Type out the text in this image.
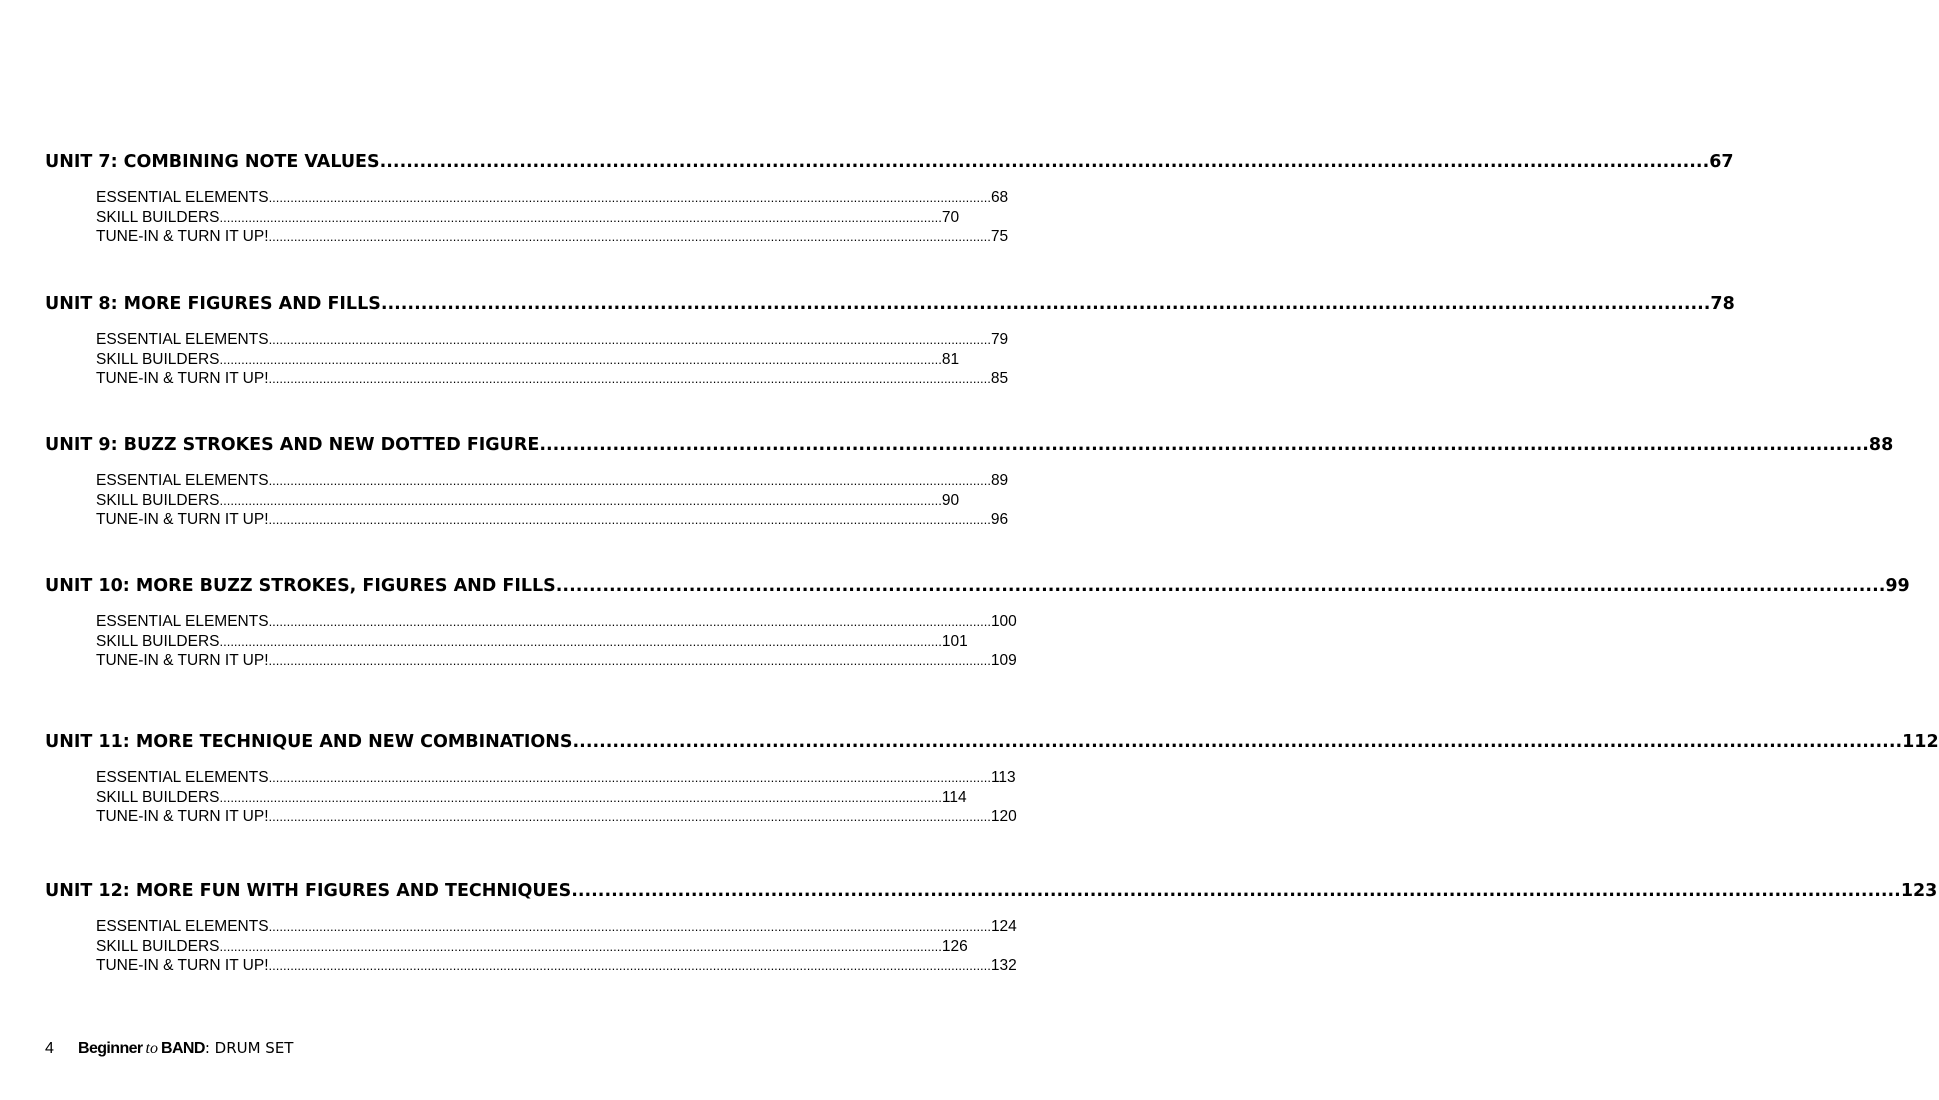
UNIT 7: COMBINING NOTE VALUES ........................................................................................................................................................................................................ 67
ESSENTIAL ELEMENTS ........................................................................................................................................................................................................ 68
SKILL BUILDERS ........................................................................................................................................................................................................ 70
TUNE-IN & TURN IT UP! ........................................................................................................................................................................................................ 75
UNIT 8: MORE FIGURES AND FILLS ........................................................................................................................................................................................................ 78
ESSENTIAL ELEMENTS ........................................................................................................................................................................................................ 79
SKILL BUILDERS ........................................................................................................................................................................................................ 81
TUNE-IN & TURN IT UP! ........................................................................................................................................................................................................ 85
UNIT 9: BUZZ STROKES AND NEW DOTTED FIGURE ........................................................................................................................................................................................................ 88
ESSENTIAL ELEMENTS ........................................................................................................................................................................................................ 89
SKILL BUILDERS ........................................................................................................................................................................................................ 90
TUNE-IN & TURN IT UP! ........................................................................................................................................................................................................ 96
UNIT 10: MORE BUZZ STROKES, FIGURES AND FILLS ........................................................................................................................................................................................................ 99
ESSENTIAL ELEMENTS ........................................................................................................................................................................................................ 100
SKILL BUILDERS ........................................................................................................................................................................................................ 101
TUNE-IN & TURN IT UP! ........................................................................................................................................................................................................ 109
UNIT 11: MORE TECHNIQUE AND NEW COMBINATIONS ........................................................................................................................................................................................................ 112
ESSENTIAL ELEMENTS ........................................................................................................................................................................................................ 113
SKILL BUILDERS ........................................................................................................................................................................................................ 114
TUNE-IN & TURN IT UP! ........................................................................................................................................................................................................ 120
UNIT 12: MORE FUN WITH FIGURES AND TECHNIQUES ........................................................................................................................................................................................................ 123
ESSENTIAL ELEMENTS ........................................................................................................................................................................................................ 124
SKILL BUILDERS ........................................................................................................................................................................................................ 126
TUNE-IN & TURN IT UP! ........................................................................................................................................................................................................ 132
4	Beginner to BAND : DRUM SET
